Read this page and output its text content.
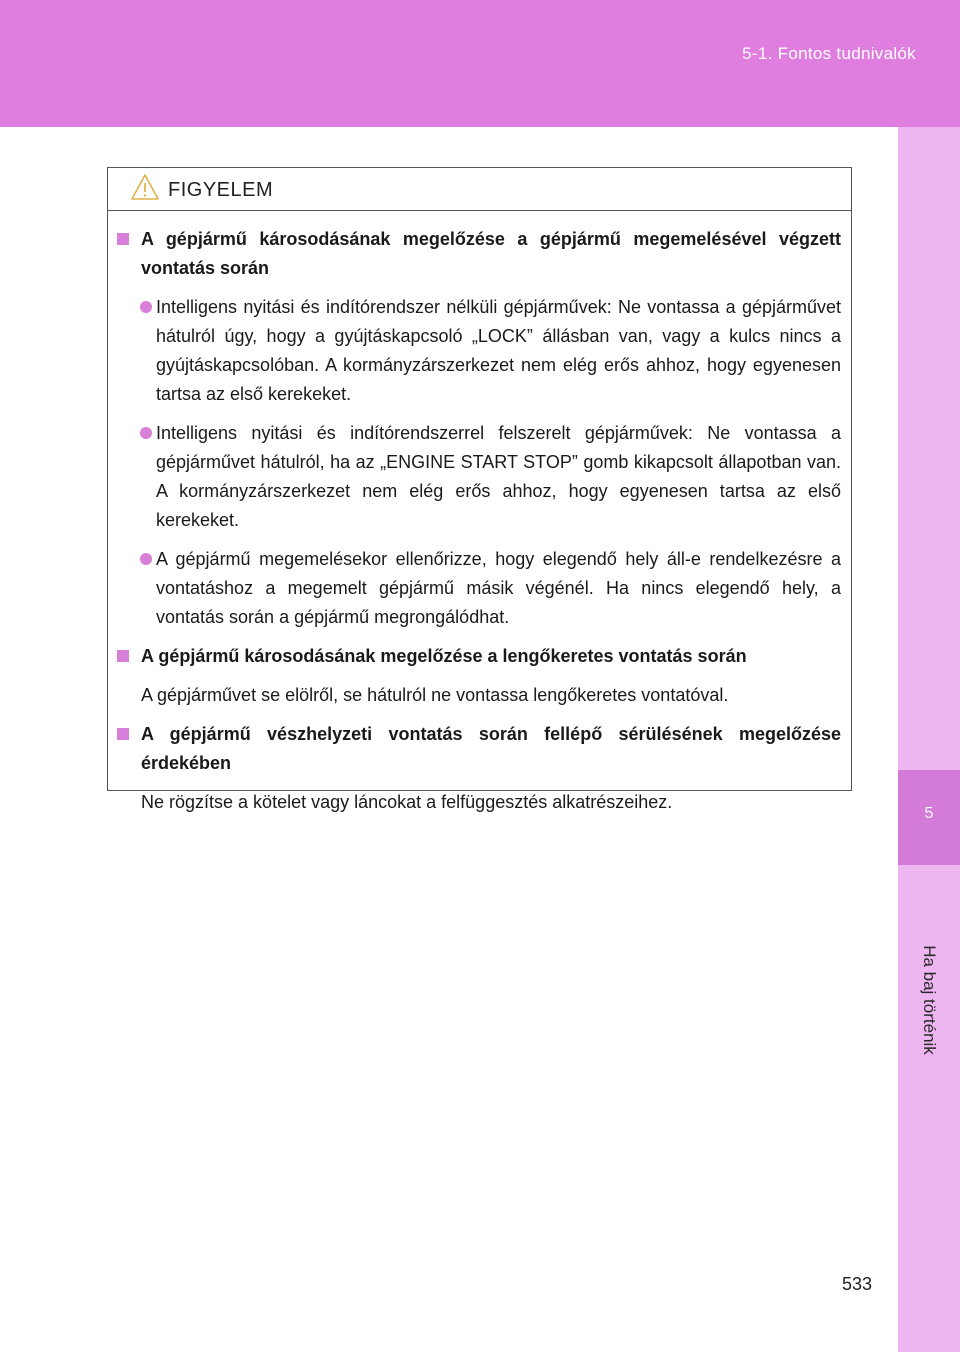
5-1. Fontos tudnivalók
5
Ha baj történik
FIGYELEM
A gépjármű károsodásának megelőzése a gépjármű megemelésével végzett vontatás során
Intelligens nyitási és indítórendszer nélküli gépjárművek: Ne vontassa a gépjárművet hátulról úgy, hogy a gyújtáskapcsoló „LOCK” állásban van, vagy a kulcs nincs a gyújtáskapcsolóban. A kormányzárszerkezet nem elég erős ahhoz, hogy egyenesen tartsa az első kerekeket.
Intelligens nyitási és indítórendszerrel felszerelt gépjárművek: Ne vontassa a gépjárművet hátulról, ha az „ENGINE START STOP” gomb kikapcsolt állapotban van. A kormányzárszerkezet nem elég erős ahhoz, hogy egyenesen tartsa az első kerekeket.
A gépjármű megemelésekor ellenőrizze, hogy elegendő hely áll-e rendelkezésre a vontatáshoz a megemelt gépjármű másik végénél. Ha nincs elegendő hely, a vontatás során a gépjármű megrongálódhat.
A gépjármű károsodásának megelőzése a lengőkeretes vontatás során
A gépjárművet se elölről, se hátulról ne vontassa lengőkeretes vontatóval.
A gépjármű vészhelyzeti vontatás során fellépő sérülésének megelőzése érdekében
Ne rögzítse a kötelet vagy láncokat a felfüggesztés alkatrészeihez.
533
